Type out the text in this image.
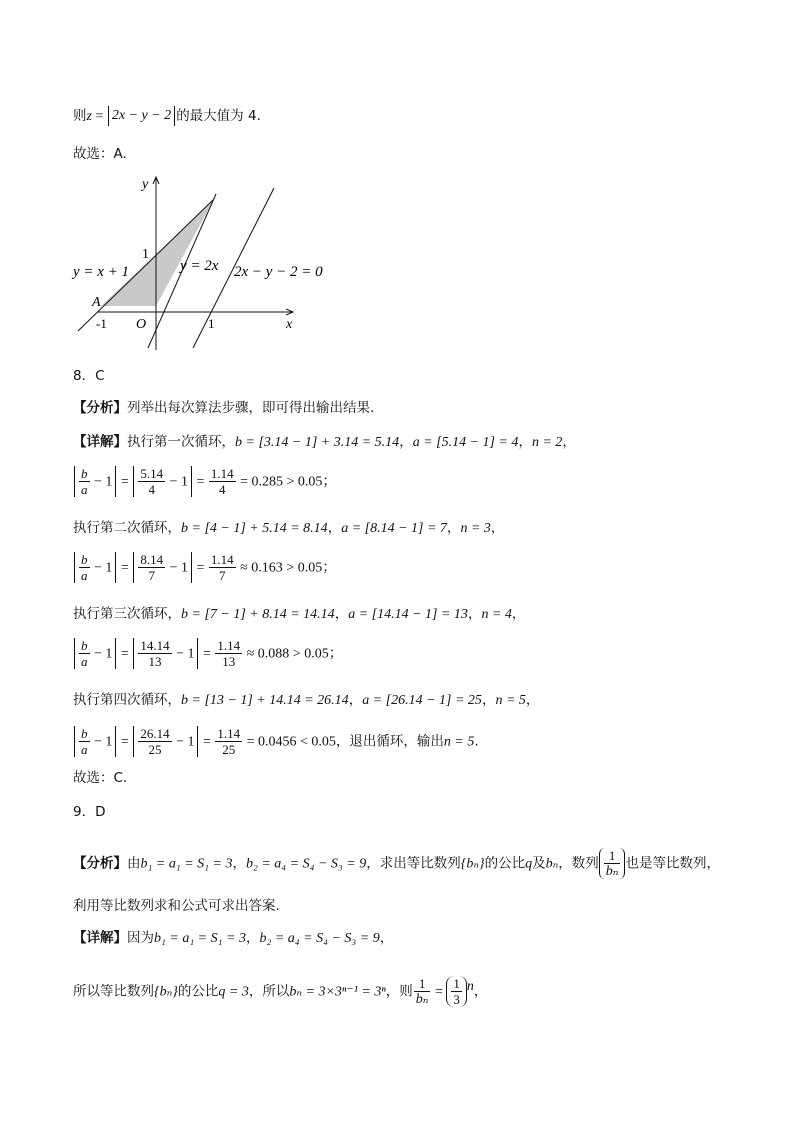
则z = 2x − y − 2 的最大值为 4．
故选：A.
y
x
1
-1 O	1
A
y = x + 1	y = 2x 2x − y − 2 = 0
8．C
【分析】列举出每次算法步骤，即可得出输出结果.
【详解】执行第一次循环，b = [3.14 − 1] + 3.14 = 5.14，a = [5.14 − 1] = 4，n = 2，
$\frac{b}{a} - 1 = \frac{5.14}{4} - 1 = \frac{1.14}{4} = 0.285 > 0.05$；
执行第二次循环，b = [4 − 1] + 5.14 = 8.14，a = [8.14 − 1] = 7，n = 3，
$\frac{b}{a} - 1 = \frac{8.14}{7} - 1 = \frac{1.14}{7} \approx 0.163 > 0.05$；
执行第三次循环，b = [7 − 1] + 8.14 = 14.14，a = [14.14 − 1] = 13，n = 4，
$\frac{b}{a} - 1 = \frac{14.14}{13} - 1 = \frac{1.14}{13} \approx 0.088 > 0.05$；
执行第四次循环，b = [13 − 1] + 14.14 = 26.14，a = [26.14 − 1] = 25，n = 5，
$\frac{b}{a} - 1 = \frac{26.14}{25} - 1 = \frac{1.14}{25} = 0.0456 < 0.05$，退出循环，输出n = 5.
故选：C.
9．D
【分析】由b₁ = a₁ = S₁ = 3，b₂ = a₄ = S₄ − S₃ = 9，求出等比数列{bₙ}的公比q及bₙ，数列 $\frac{1}{\text{bₙ}}$ 也是等比数列，
利用等比数列求和公式可求出答案.
【详解】因为b₁ = a₁ = S₁ = 3，b₂ = a₄ = S₄ − S₃ = 9，
所以等比数列{bₙ}的公比q = 3，所以bₙ = 3×3ⁿ⁻¹ = 3ⁿ，则 $\frac{1}{\text{bₙ}} = \frac{1}{3} ^n$，
